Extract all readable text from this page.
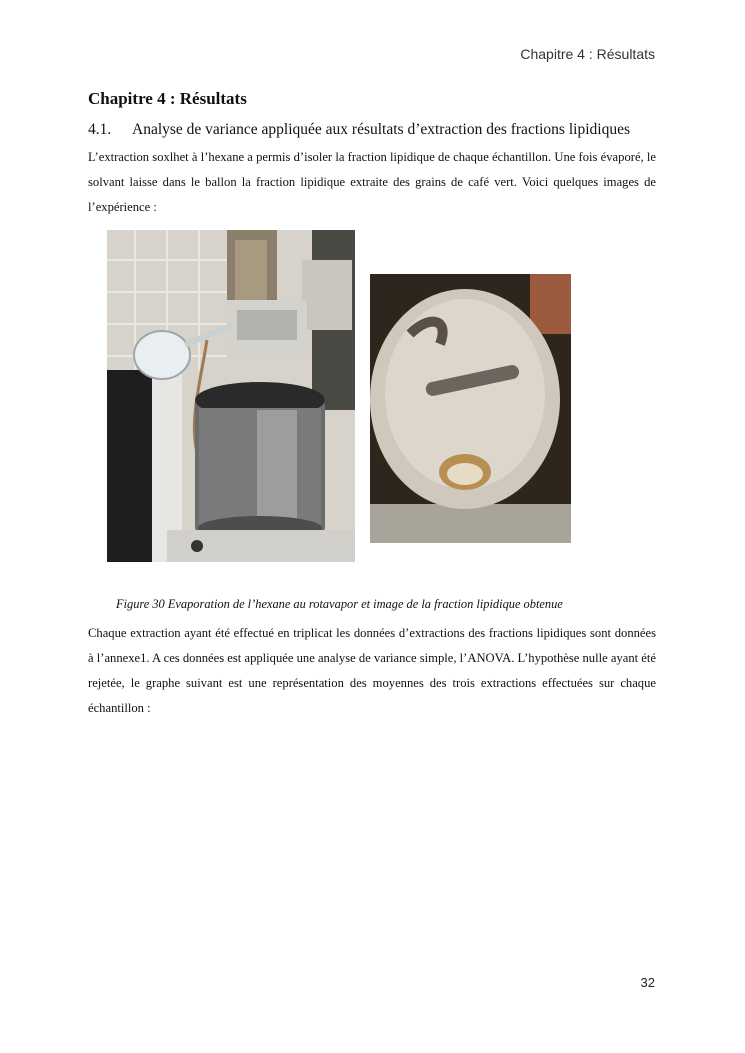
Chapitre 4 : Résultats
Chapitre 4 : Résultats
4.1.	Analyse de variance appliquée aux résultats d’extraction des fractions lipidiques
L’extraction soxlhet à l’hexane a permis d’isoler la fraction lipidique de chaque échantillon. Une fois évaporé, le solvant laisse dans le ballon la fraction lipidique extraite des grains de café vert. Voici quelques images de l’expérience :
Figure 30 Evaporation de l’hexane au rotavapor et image de la fraction lipidique obtenue
Chaque extraction ayant été effectué en triplicat les données d’extractions des fractions lipidiques sont données à l’annexe1. A ces données est appliquée une analyse de variance simple, l’ANOVA. L’hypothèse nulle ayant été rejetée, le graphe suivant est une représentation des moyennes des trois extractions effectuées sur chaque échantillon :
32
